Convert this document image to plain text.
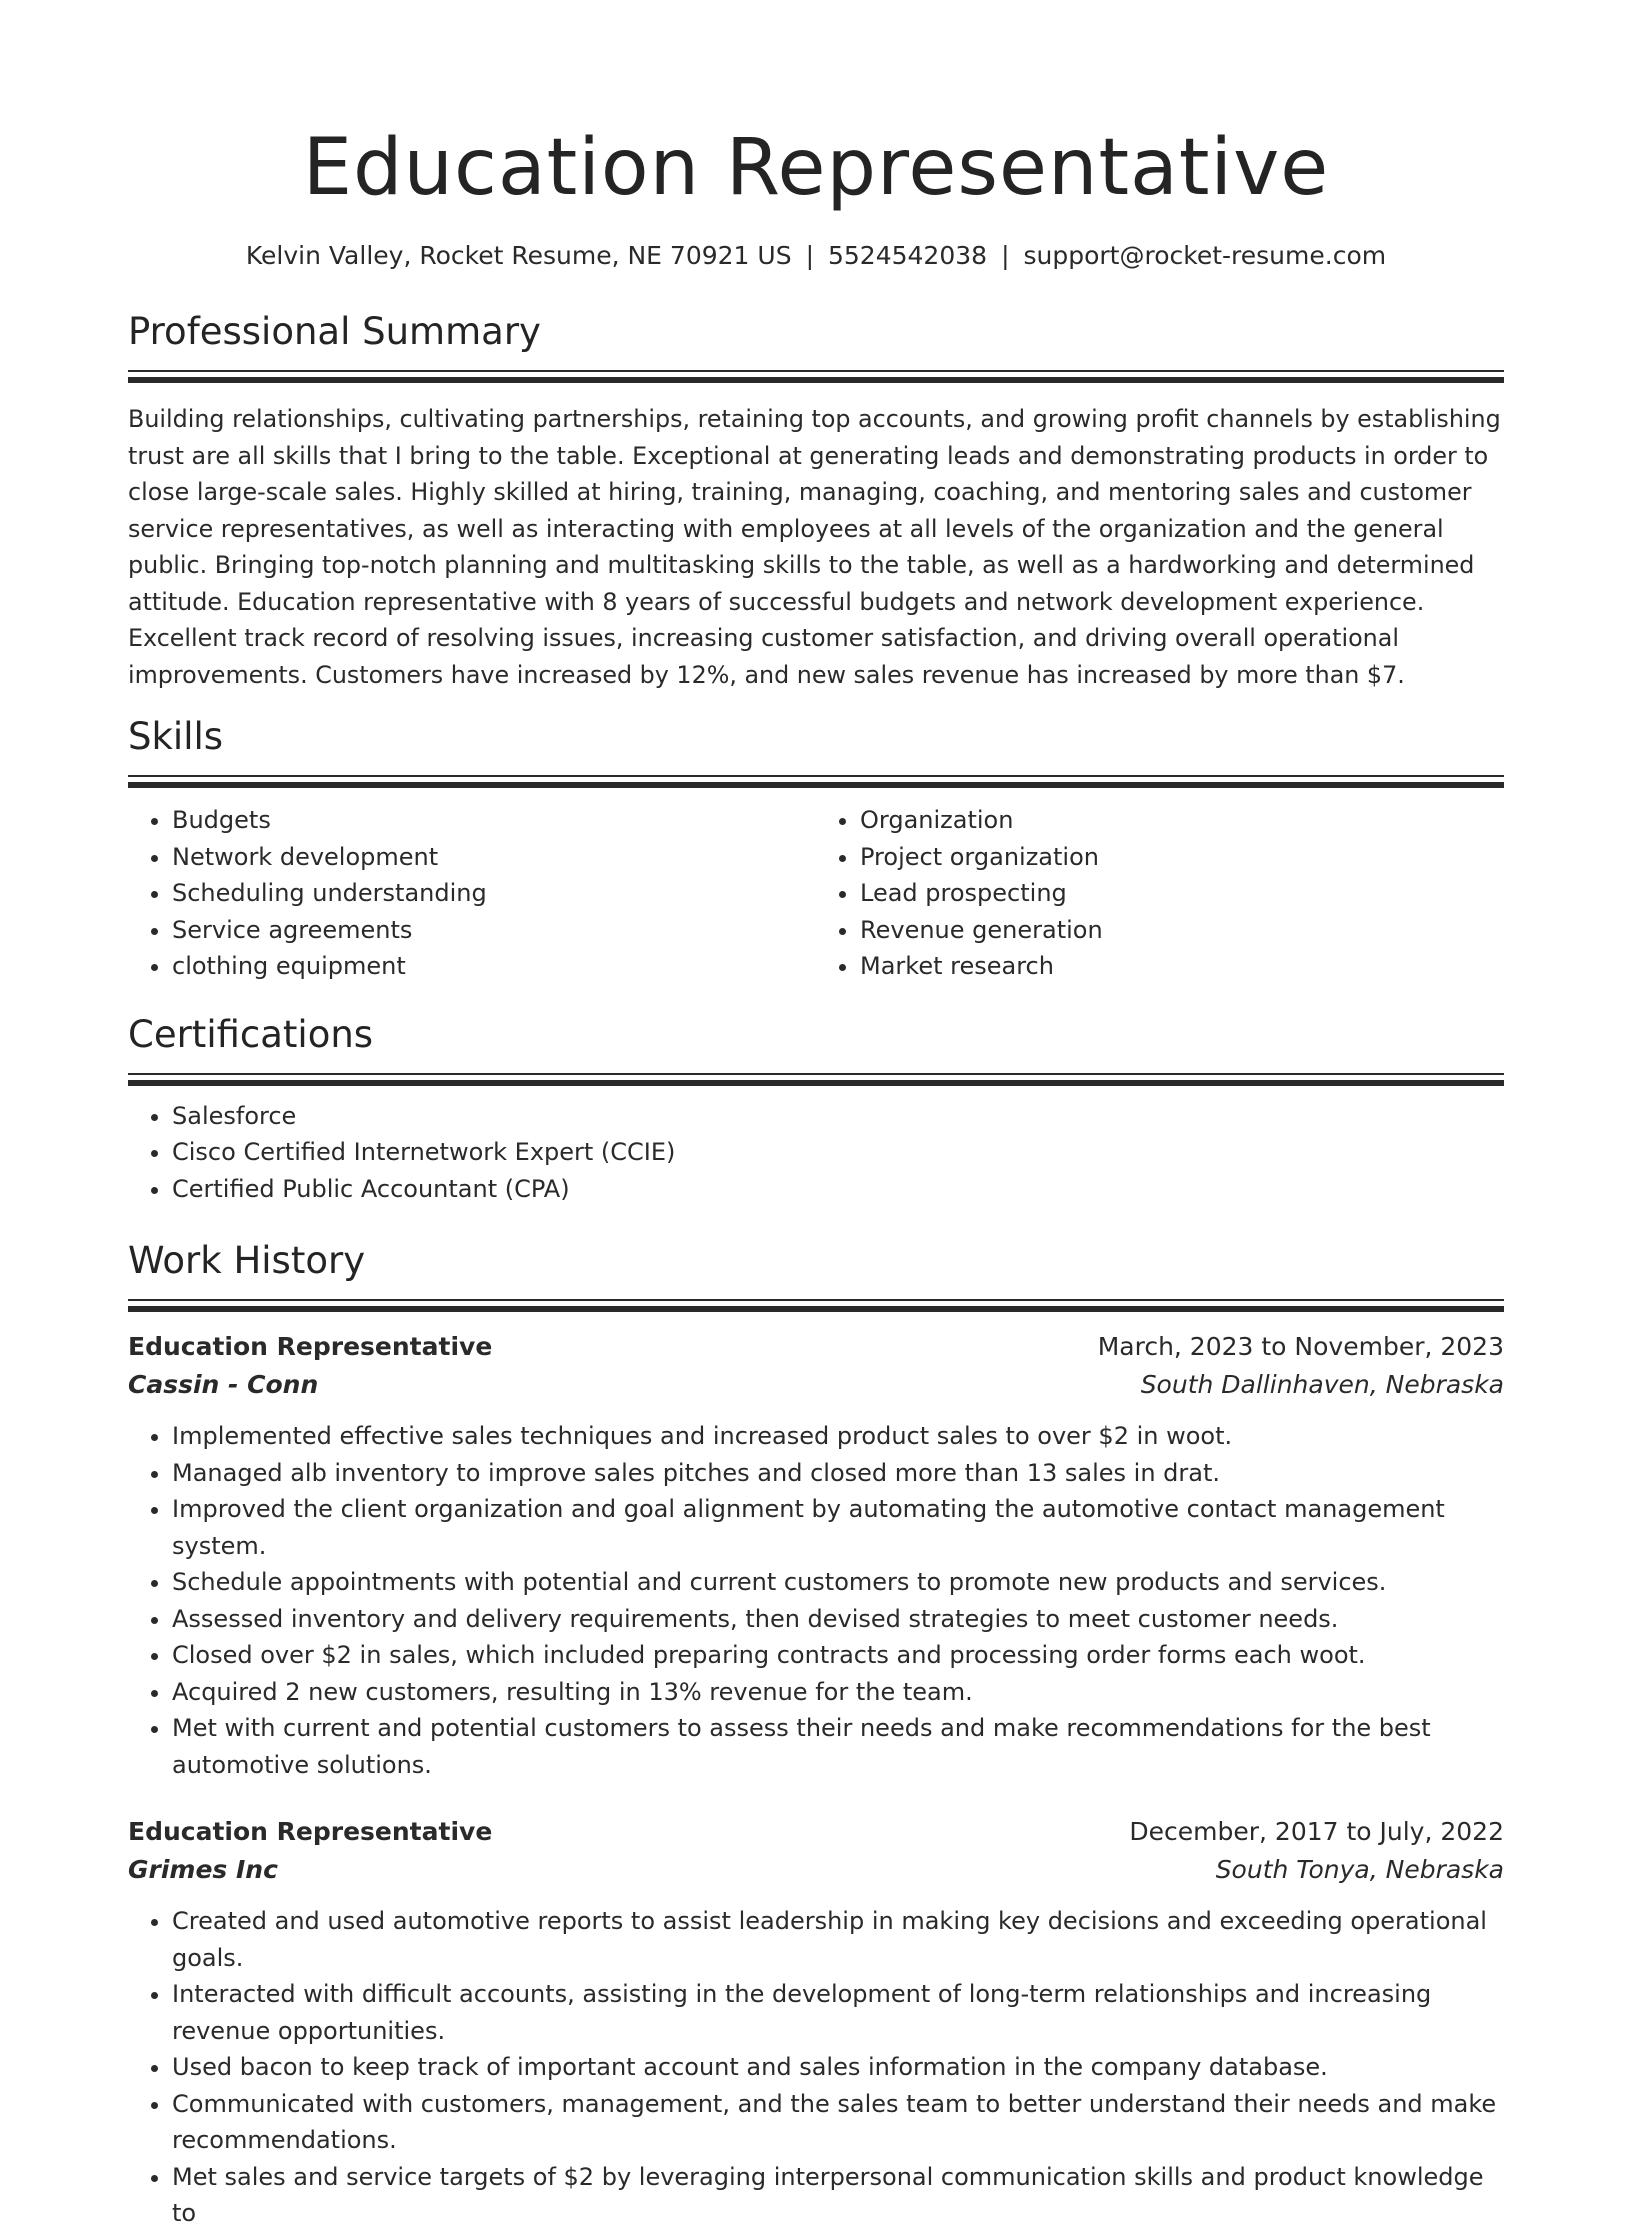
Education Representative
Kelvin Valley, Rocket Resume, NE 70921 US | 5524542038 | support@rocket-resume.com
Professional Summary

Building relationships, cultivating partnerships, retaining top accounts, and growing profit channels by establishing trust are all skills that I bring to the table. Exceptional at generating leads and demonstrating products in order to close large-scale sales. Highly skilled at hiring, training, managing, coaching, and mentoring sales and customer service representatives, as well as interacting with employees at all levels of the organization and the general public. Bringing top-notch planning and multitasking skills to the table, as well as a hardworking and determined attitude. Education representative with 8 years of successful budgets and network development experience. Excellent track record of resolving issues, increasing customer satisfaction, and driving overall operational improvements. Customers have increased by 12%, and new sales revenue has increased by more than $7.

Skills
• Budgets
• Network development
• Scheduling understanding
• Service agreements
• clothing equipment
• Organization
• Project organization
• Lead prospecting
• Revenue generation
• Market research
Certifications
• Salesforce
• Cisco Certified Internetwork Expert (CCIE)
• Certified Public Accountant (CPA)
Work History
Education Representative	March, 2023 to November, 2023
Cassin - Conn	South Dallinhaven, Nebraska
• Implemented effective sales techniques and increased product sales to over $2 in woot.
• Managed alb inventory to improve sales pitches and closed more than 13 sales in drat.
• Improved the client organization and goal alignment by automating the automotive contact management system.
• Schedule appointments with potential and current customers to promote new products and services.
• Assessed inventory and delivery requirements, then devised strategies to meet customer needs.
• Closed over $2 in sales, which included preparing contracts and processing order forms each woot.
• Acquired 2 new customers, resulting in 13% revenue for the team.
• Met with current and potential customers to assess their needs and make recommendations for the best automotive solutions.
Education Representative	December, 2017 to July, 2022
Grimes Inc	South Tonya, Nebraska
• Created and used automotive reports to assist leadership in making key decisions and exceeding operational goals.
• Interacted with difficult accounts, assisting in the development of long-term relationships and increasing revenue opportunities.
• Used bacon to keep track of important account and sales information in the company database.
• Communicated with customers, management, and the sales team to better understand their needs and make recommendations.
• Met sales and service targets of $2 by leveraging interpersonal communication skills and product knowledge to
